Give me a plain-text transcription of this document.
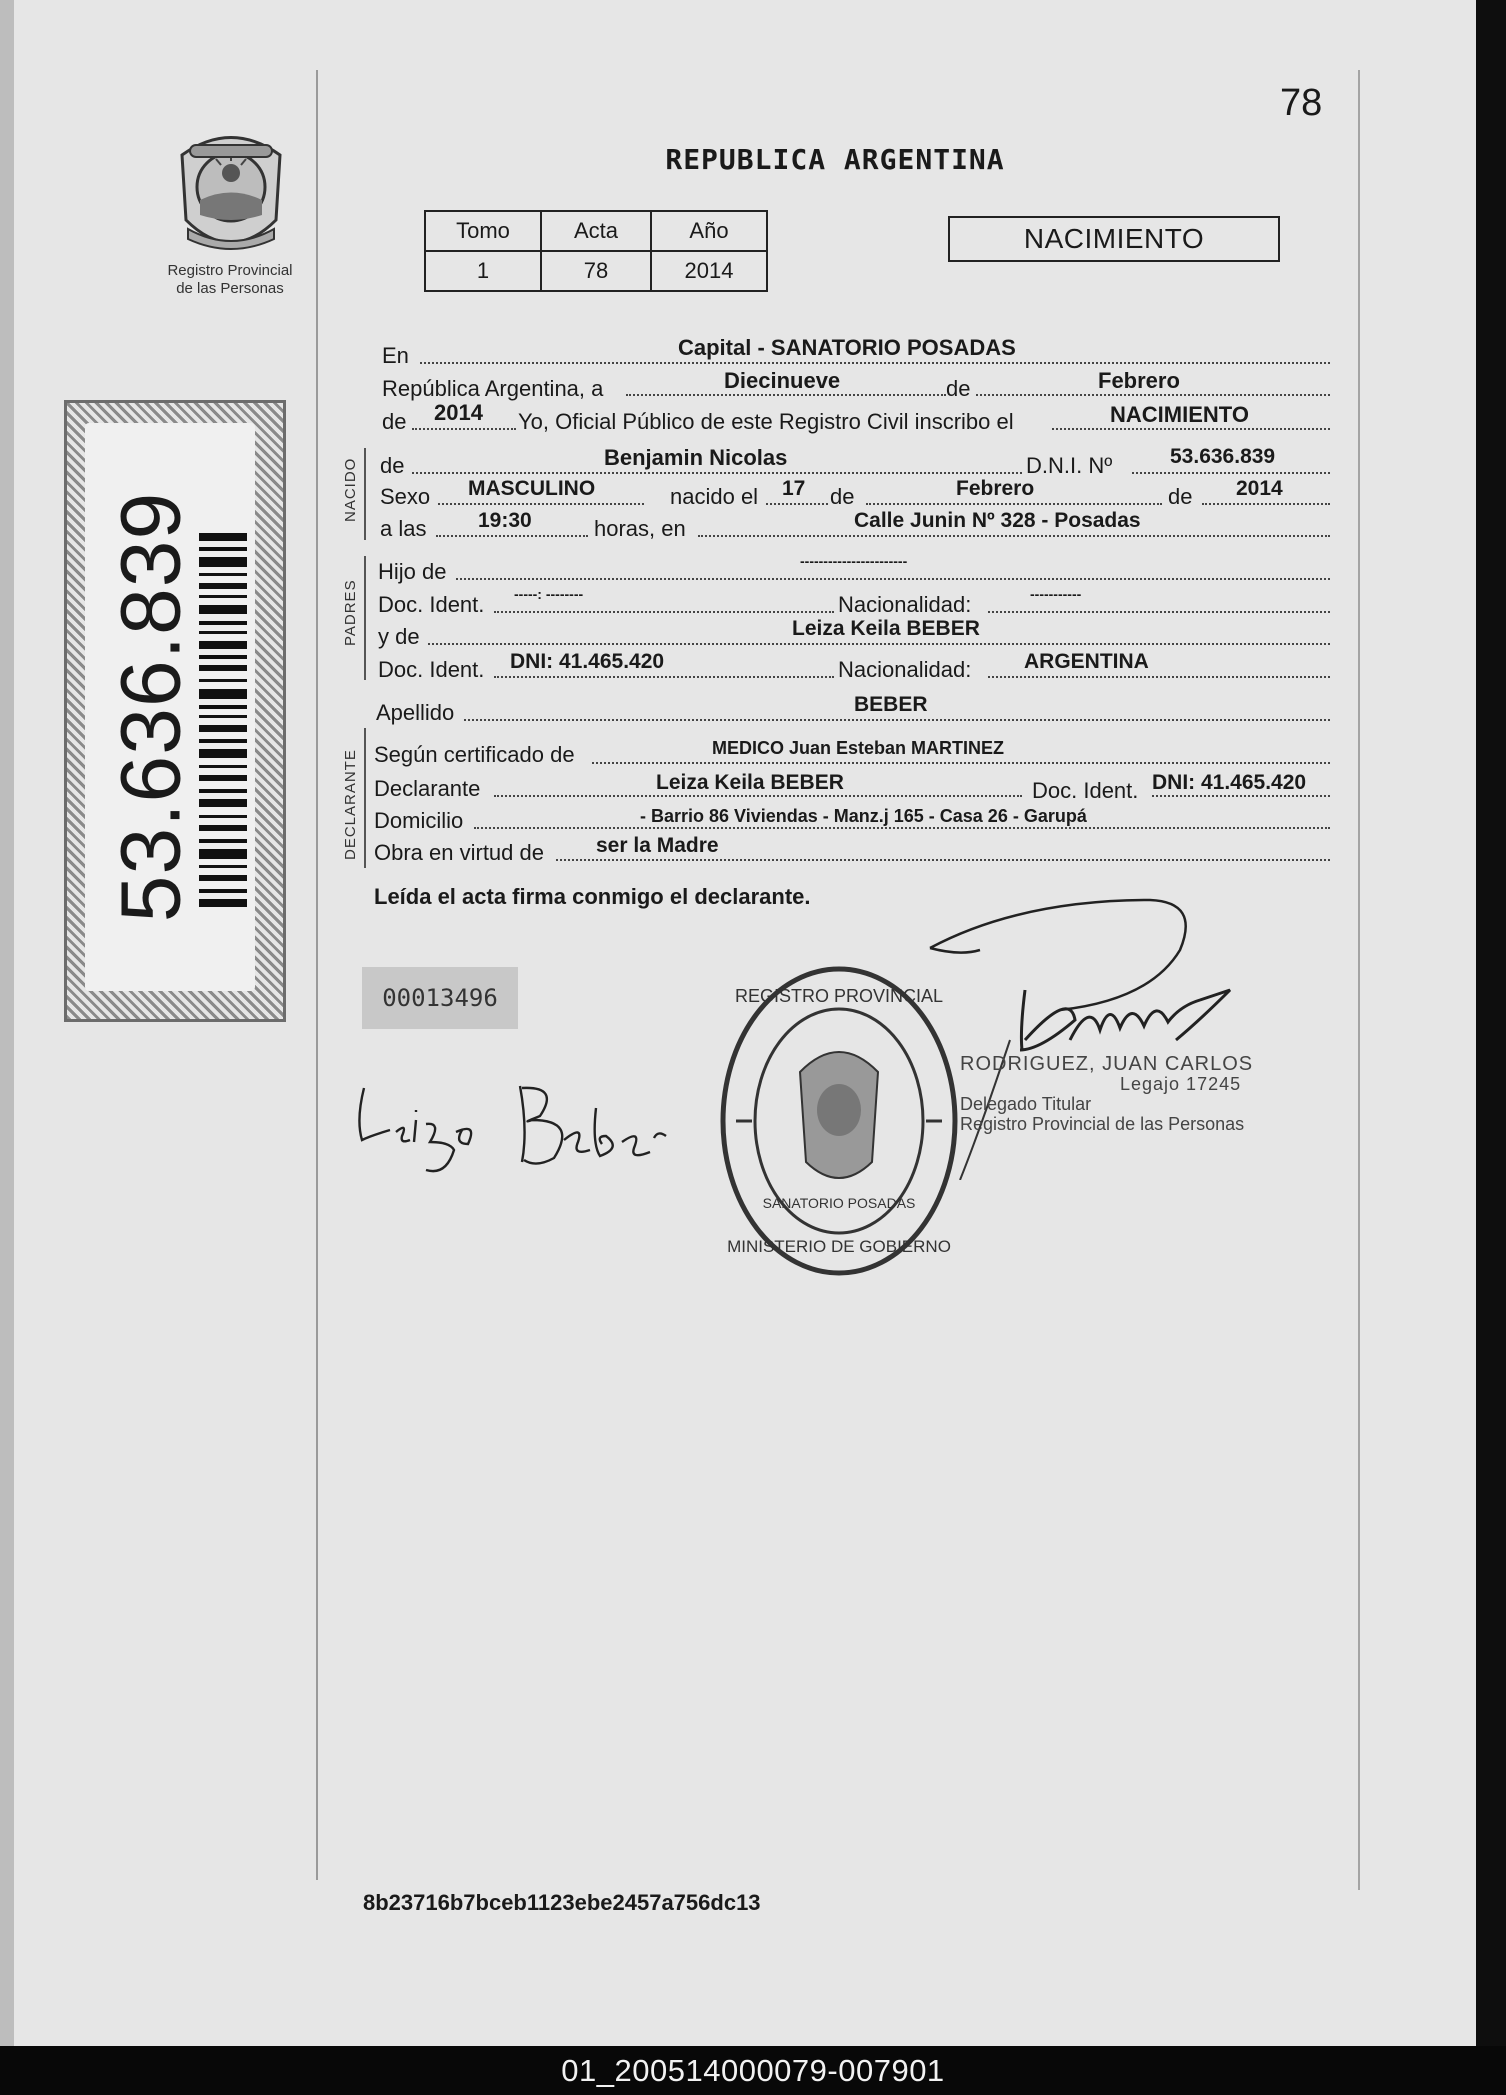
78
Registro Provincial
de las Personas
REPUBLICA ARGENTINA
Tomo	Acta	Año
1	78	2014
NACIMIENTO
53.636.839
En	Capital - SANATORIO POSADAS
República Argentina, a	Diecinueve	de	Febrero
de 2014 Yo, Oficial Público de este Registro Civil inscribo el	NACIMIENTO
NACIDO de	Benjamin Nicolas	D.N.I. Nº	53.636.839
Sexo MASCULINO	nacido el 17 de	Febrero	de 2014
a las 19:30	horas, en	Calle Junin Nº 328 - Posadas
PADRES
Hijo de	-----------------------
Doc. Ident. -----: --------	Nacionalidad:	-----------
y de	Leiza Keila BEBER
Doc. Ident. DNI: 41.465.420	Nacionalidad:	ARGENTINA
Apellido	BEBER
DECLARANTE Según certificado de	MEDICO Juan Esteban MARTINEZ
Declarante	Leiza Keila BEBER	Doc. Ident. DNI: 41.465.420
Domicilio	- Barrio 86 Viviendas - Manz.j 165 - Casa 26 - Garupá
Obra en virtud de ser la Madre
Leída el acta firma conmigo el declarante.
00013496
RODRIGUEZ, JUAN CARLOS
Legajo 17245
Delegado Titular
Registro Provincial de las Personas
REGISTRO PROVINCIAL
MINISTERIO DE GOBIERNO
SANATORIO POSADAS
8b23716b7bceb1123ebe2457a756dc13
01_200514000079-007901
